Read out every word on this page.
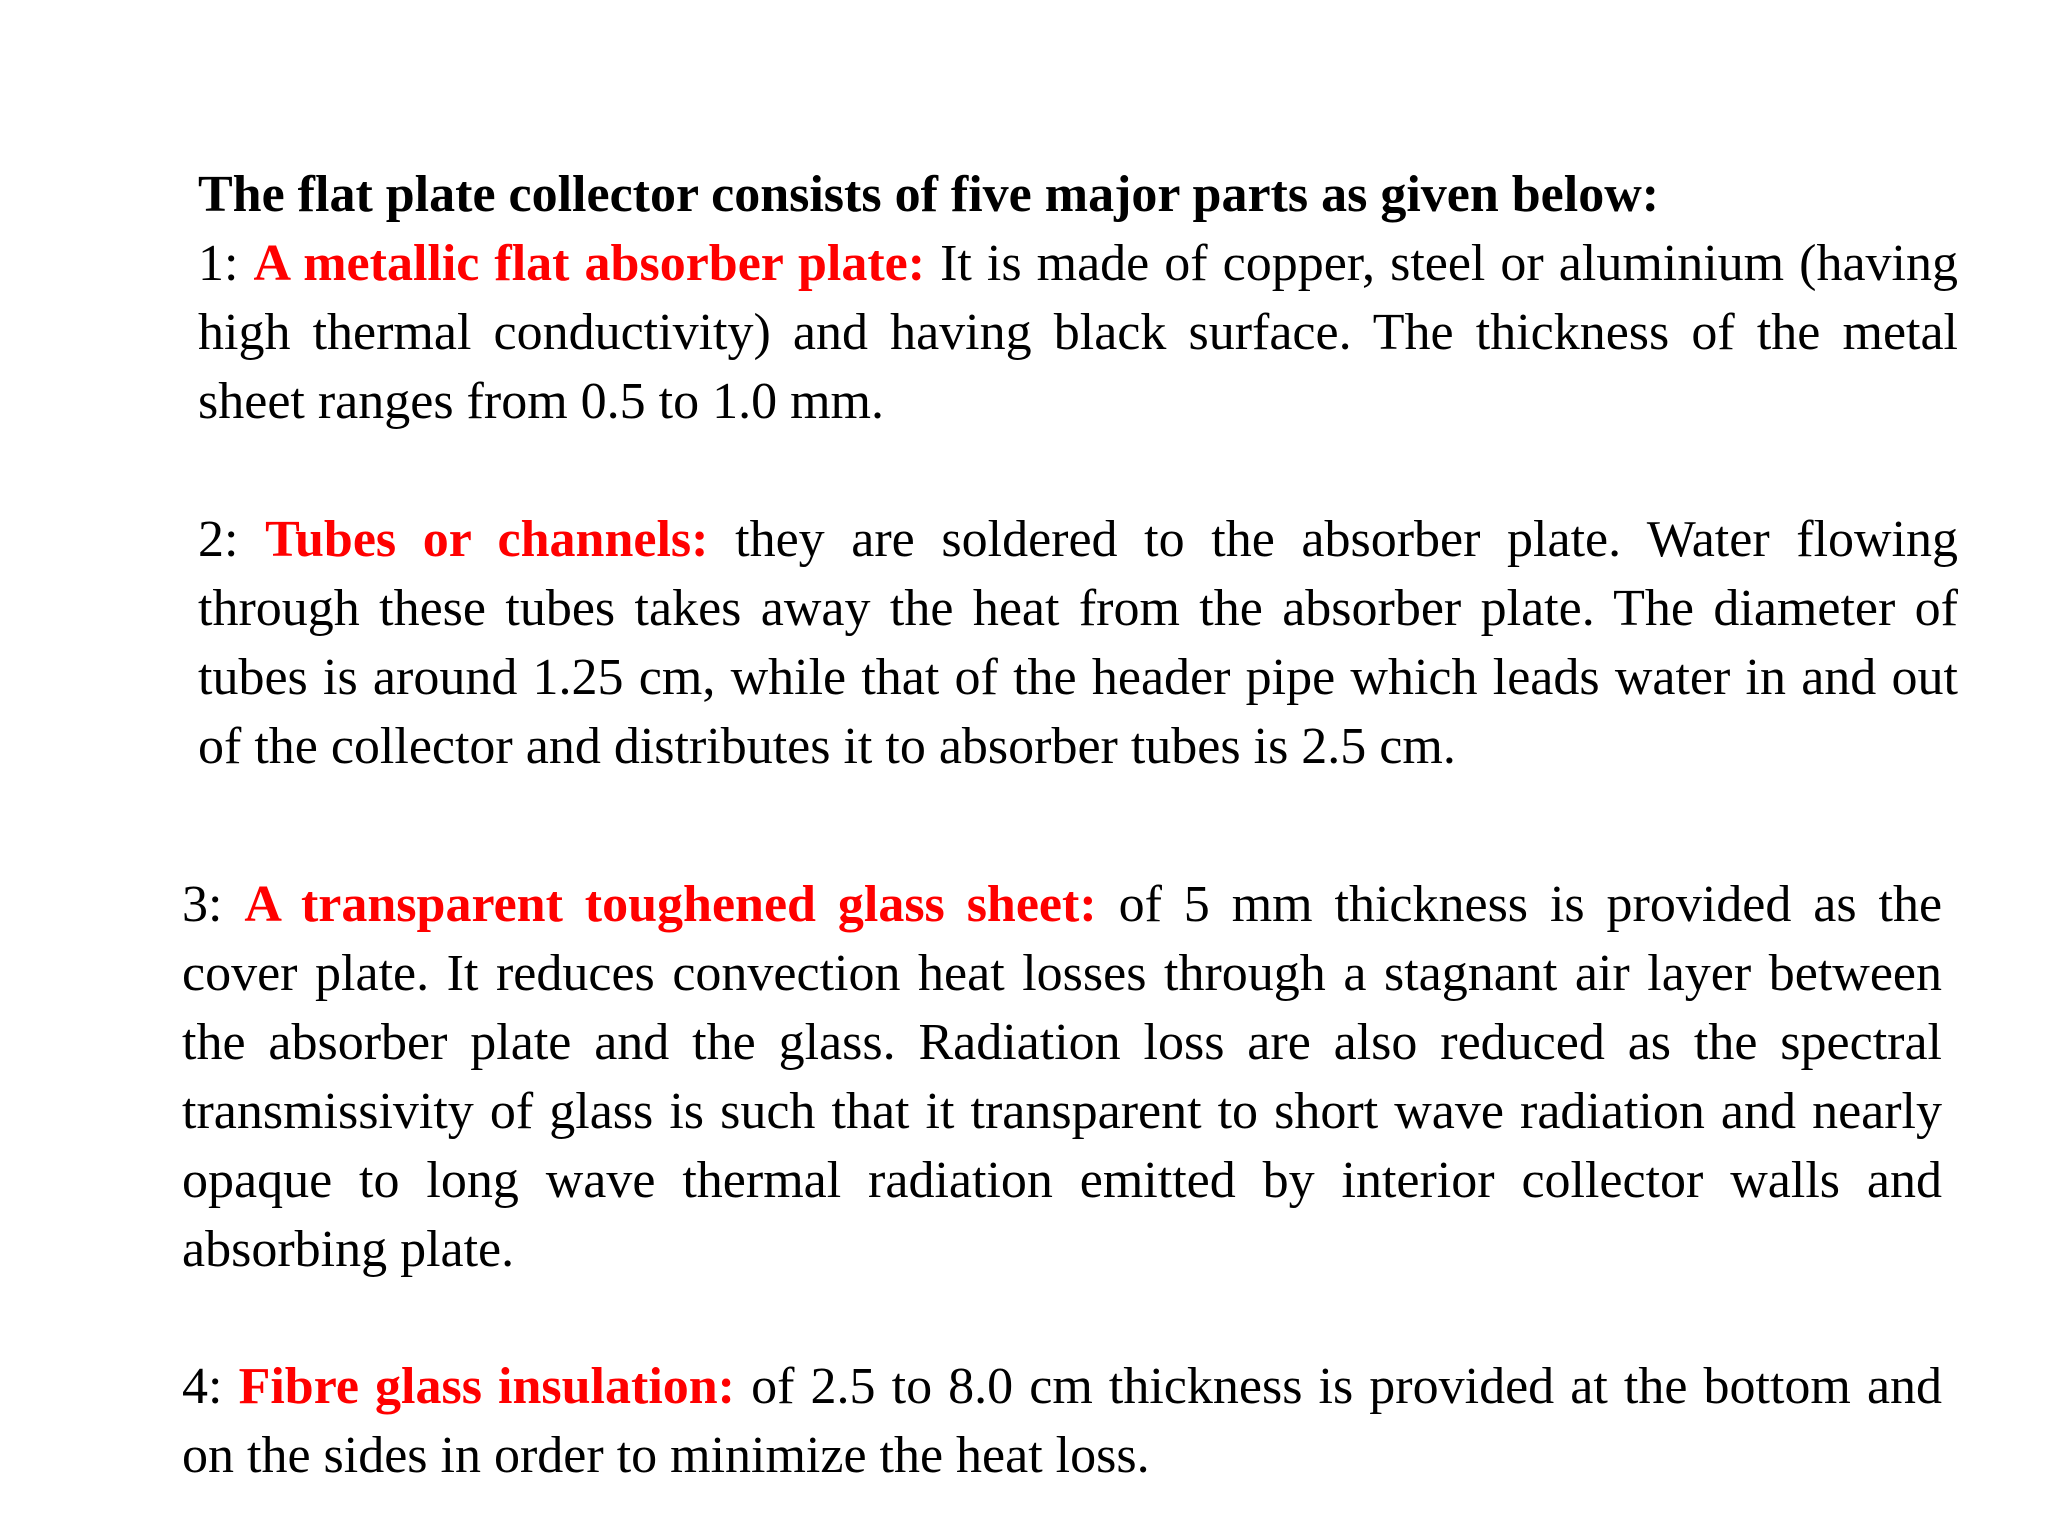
The flat plate collector consists of five major parts as given below:

1: A metallic flat absorber plate: It is made of copper, steel or aluminium (having high thermal conductivity) and having black surface. The thickness of the metal sheet ranges from 0.5 to 1.0 mm.

2: Tubes or channels: they are soldered to the absorber plate. Water flowing through these tubes takes away the heat from the absorber plate. The diameter of tubes is around 1.25 cm, while that of the header pipe which leads water in and out of the collector and distributes it to absorber tubes is 2.5 cm.

3: A transparent toughened glass sheet: of 5 mm thickness is provided as the cover plate. It reduces convection heat losses through a stagnant air layer between the absorber plate and the glass. Radiation loss are also reduced as the spectral transmissivity of glass is such that it transparent to short wave radiation and nearly opaque to long wave thermal radiation emitted by interior collector walls and absorbing plate.

4: Fibre glass insulation: of 2.5 to 8.0 cm thickness is provided at the bottom and on the sides in order to minimize the heat loss.
